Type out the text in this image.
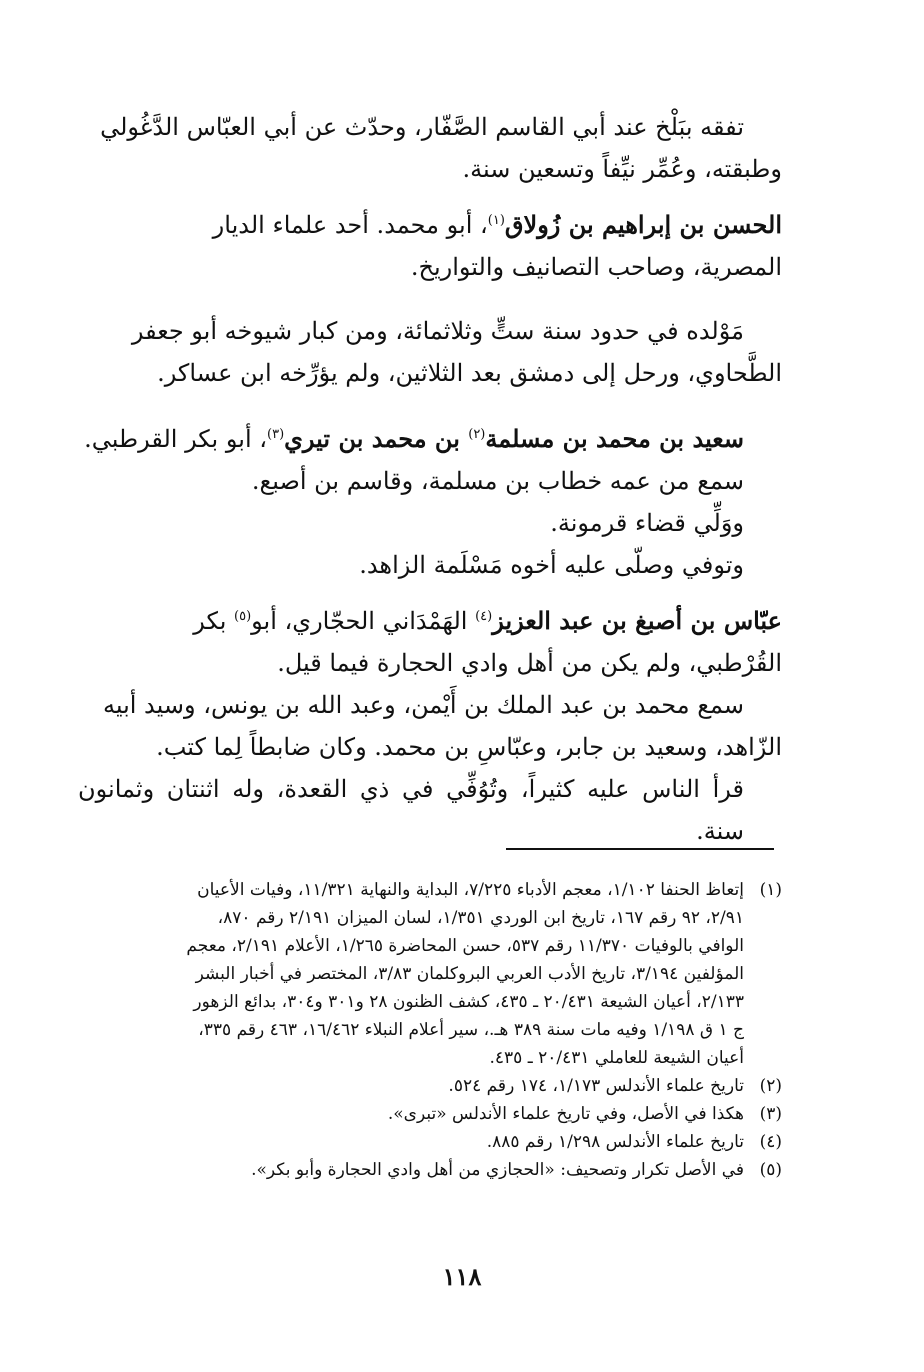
تفقه ببَلْخ عند أبي القاسم الصَّفّار، وحدّث عن أبي العبّاس الدَّغُولي
وطبقته، وعُمِّر نيِّفاً وتسعين سنة.
الحسن بن إبراهيم بن زُولاق$^{(١)}$، أبو محمد. أحد علماء الديار
المصرية، وصاحب التصانيف والتواريخ.
مَوْلده في حدود سنة ستٍّ وثلاثمائة، ومن كبار شيوخه أبو جعفر
الطَّحاوي، ورحل إلى دمشق بعد الثلاثين، ولم يؤرِّخه ابن عساكر.
سعيد بن محمد بن مسلمة$^{(٢)}$ بن محمد بن تيري$^{(٣)}$، أبو بكر القرطبي.
سمع من عمه خطاب بن مسلمة، وقاسم بن أصبع.
ووَلِّي قضاء قرمونة.
وتوفي وصلّى عليه أخوه مَسْلَمة الزاهد.
عبّاس بن أصبغ بن عبد العزيز$^{(٤)}$ الهَمْدَاني الحجّاري، أبو$^{(٥)}$ بكر
القُرْطبي، ولم يكن من أهل وادي الحجارة فيما قيل.
سمع محمد بن عبد الملك بن أَيْمن، وعبد الله بن يونس، وسيد أبيه
الزّاهد، وسعيد بن جابر، وعبّاسِ بن محمد. وكان ضابطاً لِما كتب.
قرأ الناس عليه كثيراً، وتُوُفِّي في ذي القعدة، وله اثنتان وثمانون سنة.
(١)
إتعاظ الحنفا ١/١٠٢، معجم الأدباء ٧/٢٢٥، البداية والنهاية ١١/٣٢١، وفيات الأعيان
٢/٩١، ٩٢ رقم ١٦٧، تاريخ ابن الوردي ١/٣٥١، لسان الميزان ٢/١٩١ رقم ٨٧٠،
الوافي بالوفيات ١١/٣٧٠ رقم ٥٣٧، حسن المحاضرة ١/٢٦٥، الأعلام ٢/١٩١، معجم
المؤلفين ٣/١٩٤، تاريخ الأدب العربي البروكلمان ٣/٨٣، المختصر في أخبار البشر
٢/١٣٣، أعيان الشيعة ٢٠/٤٣١ ـ ٤٣٥، كشف الظنون ٢٨ و٣٠١ و٣٠٤، بدائع الزهور
ج ١ ق ١/١٩٨ وفيه مات سنة ٣٨٩ هـ.، سير أعلام النبلاء ١٦/٤٦٢، ٤٦٣ رقم ٣٣٥،
أعيان الشيعة للعاملي ٢٠/٤٣١ ـ ٤٣٥.
(٢)
تاريخ علماء الأندلس ١/١٧٣، ١٧٤ رقم ٥٢٤.
(٣)
هكذا في الأصل، وفي تاريخ علماء الأندلس «تبرى».
(٤)
تاريخ علماء الأندلس ١/٢٩٨ رقم ٨٨٥.
(٥)
في الأصل تكرار وتصحيف: «الحجازي من أهل وادي الحجارة وأبو بكر».
١١٨
